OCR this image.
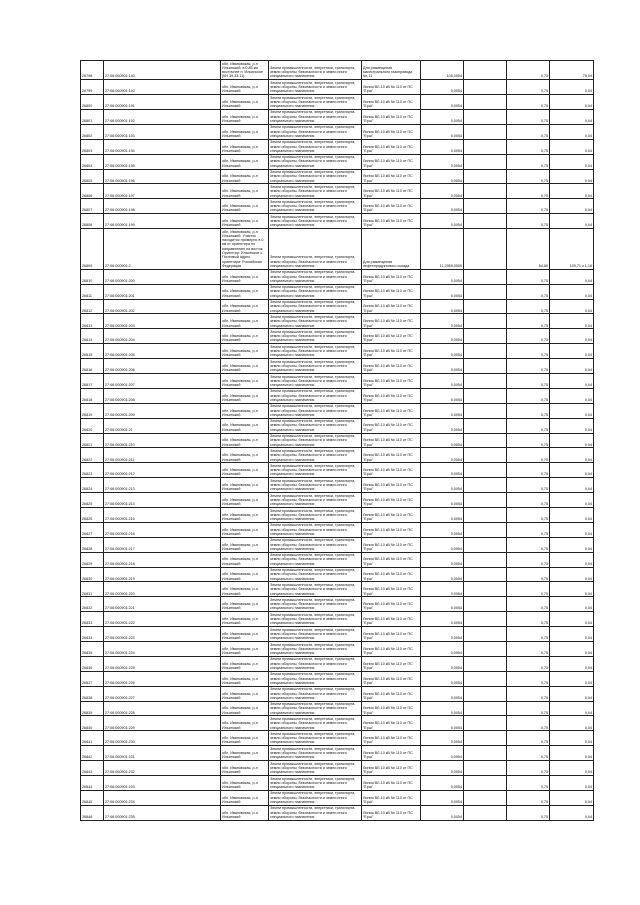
26798	27:06:000901:140	обл. Ивановская, р-н Ильинский, в 0,85 км восточнее п. Ильинское (КН 39,33:11)	Земли промышленности, энергетики, транспорта, земли обороны, безопасности и земли иного специального назначения	Для размещения магистрального газопровода Кл.11	105,0054		0,75	79,04
26799	27:06:000901:140	обл. Ивановская, р-н Ильинский	Земли промышленности, энергетики, транспорта, земли обороны, безопасности и земли иного специального назначения	Линия ВЛ-10 кВ № 110 от ПС "Ерш"	0,0054		0,75	0,04
26800	27:06:000901:191	обл. Ивановская, р-н Ильинский	Земли промышленности, энергетики, транспорта, земли обороны, безопасности и земли иного специального назначения	Линия ВЛ-10 кВ № 110 от ПС "Ерш"	0,0054		0,75	0,04
26801	27:06:000901:192	обл. Ивановская, р-н Ильинский	Земли промышленности, энергетики, транспорта, земли обороны, безопасности и земли иного специального назначения	Линия ВЛ-10 кВ № 110 от ПС "Ерш"	0,0054		0,75	0,04
26802	27:06:000901:193	обл. Ивановская, р-н Ильинский	Земли промышленности, энергетики, транспорта, земли обороны, безопасности и земли иного специального назначения	Линия ВЛ-10 кВ № 110 от ПС "Ерш"	0,0054		0,75	0,04
26803	27:06:000901:194	обл. Ивановская, р-н Ильинский	Земли промышленности, энергетики, транспорта, земли обороны, безопасности и земли иного специального назначения	Линия ВЛ-10 кВ № 110 от ПС "Ерш"	0,0054		0,75	0,04
26804	27:06:000901:195	обл. Ивановская, р-н Ильинский	Земли промышленности, энергетики, транспорта, земли обороны, безопасности и земли иного специального назначения	Линия ВЛ-10 кВ № 110 от ПС "Ерш"	0,0054		0,75	0,04
26805	27:06:000901:196	обл. Ивановская, р-н Ильинский	Земли промышленности, энергетики, транспорта, земли обороны, безопасности и земли иного специального назначения	Линия ВЛ-10 кВ № 110 от ПС "Ерш"	0,0054		0,75	0,04
26806	27:06:000901:197	обл. Ивановская, р-н Ильинский	Земли промышленности, энергетики, транспорта, земли обороны, безопасности и земли иного специального назначения	Линия ВЛ-10 кВ № 110 от ПС "Ерш"	0,0054		0,75	0,04
26807	27:06:000901:198	обл. Ивановская, р-н Ильинский	Земли промышленности, энергетики, транспорта, земли обороны, безопасности и земли иного специального назначения	Линия ВЛ-10 кВ № 110 от ПС "Ерш"	0,0054		0,75	0,04
26808	27:06:000901:199	обл. Ивановская, р-н Ильинский	Земли промышленности, энергетики, транспорта, земли обороны, безопасности и земли иного специального назначения	Линия ВЛ-10 кВ № 110 от ПС "Ерш"	0,0054		0,75	0,04
26809	27:06:000901:2	обл. Ивановская, р-н Ильинский. Участок находится примерно в 0 км от ориентира по направлению на восток. Ориентир: Ильинское с. Почтовый адрес ориентира: Российская Федерация	Земли промышленности, энергетики, транспорта, земли обороны, безопасности и земли иного специального назначения	Для размещения нефтепродуктового склада	11,2959,0000		64,80	109,71 x 1,16
26810	27:06:000901:200	обл. Ивановская, р-н Ильинский	Земли промышленности, энергетики, транспорта, земли обороны, безопасности и земли иного специального назначения	Линия ВЛ-10 кВ № 110 от ПС "Ерш"	0,0054		0,75	0,04
26811	27:06:000901:201	обл. Ивановская, р-н Ильинский	Земли промышленности, энергетики, транспорта, земли обороны, безопасности и земли иного специального назначения	Линия ВЛ-10 кВ № 110 от ПС "Ерш"	0,0054		0,75	0,04
26812	27:06:000901:202	обл. Ивановская, р-н Ильинский	Земли промышленности, энергетики, транспорта, земли обороны, безопасности и земли иного специального назначения	Линия ВЛ-10 кВ № 110 от ПС "Ерш"	0,0054		0,75	0,04
26813	27:06:000901:203	обл. Ивановская, р-н Ильинский	Земли промышленности, энергетики, транспорта, земли обороны, безопасности и земли иного специального назначения	Линия ВЛ-10 кВ № 110 от ПС "Ерш"	0,0054		0,75	0,04
26814	27:06:000901:204	обл. Ивановская, р-н Ильинский	Земли промышленности, энергетики, транспорта, земли обороны, безопасности и земли иного специального назначения	Линия ВЛ-10 кВ № 110 от ПС "Ерш"	0,0054		0,75	0,04
26815	27:06:000901:205	обл. Ивановская, р-н Ильинский	Земли промышленности, энергетики, транспорта, земли обороны, безопасности и земли иного специального назначения	Линия ВЛ-10 кВ № 110 от ПС "Ерш"	0,0054		0,75	0,04
26816	27:06:000901:206	обл. Ивановская, р-н Ильинский	Земли промышленности, энергетики, транспорта, земли обороны, безопасности и земли иного специального назначения	Линия ВЛ-10 кВ № 110 от ПС "Ерш"	0,0054		0,75	0,04
26817	27:06:000901:207	обл. Ивановская, р-н Ильинский	Земли промышленности, энергетики, транспорта, земли обороны, безопасности и земли иного специального назначения	Линия ВЛ-10 кВ № 110 от ПС "Ерш"	0,0054		0,75	0,04
26818	27:06:000901:208	обл. Ивановская, р-н Ильинский	Земли промышленности, энергетики, транспорта, земли обороны, безопасности и земли иного специального назначения	Линия ВЛ-10 кВ № 110 от ПС "Ерш"	0,0054		0,75	0,04
26819	27:06:000901:209	обл. Ивановская, р-н Ильинский	Земли промышленности, энергетики, транспорта, земли обороны, безопасности и земли иного специального назначения	Линия ВЛ-10 кВ № 110 от ПС "Ерш"	0,0054		0,75	0,04
26820	27:06:000901:21	обл. Ивановская, р-н Ильинский	Земли промышленности, энергетики, транспорта, земли обороны, безопасности и земли иного специального назначения	Линия ВЛ-10 кВ № 110 от ПС "Ерш"	0,0054		0,75	0,04
26821	27:06:000901:210	обл. Ивановская, р-н Ильинский	Земли промышленности, энергетики, транспорта, земли обороны, безопасности и земли иного специального назначения	Линия ВЛ-10 кВ № 110 от ПС "Ерш"	0,0054		0,75	0,04
26822	27:06:000901:211	обл. Ивановская, р-н Ильинский	Земли промышленности, энергетики, транспорта, земли обороны, безопасности и земли иного специального назначения	Линия ВЛ-10 кВ № 110 от ПС "Ерш"	0,0054		0,75	0,04
26823	27:06:000901:212	обл. Ивановская, р-н Ильинский	Земли промышленности, энергетики, транспорта, земли обороны, безопасности и земли иного специального назначения	Линия ВЛ-10 кВ № 110 от ПС "Ерш"	0,0054		0,75	0,04
26824	27:06:000901:213	обл. Ивановская, р-н Ильинский	Земли промышленности, энергетики, транспорта, земли обороны, безопасности и земли иного специального назначения	Линия ВЛ-10 кВ № 110 от ПС "Ерш"	0,0054		0,75	0,04
26825	27:06:000901:214	обл. Ивановская, р-н Ильинский	Земли промышленности, энергетики, транспорта, земли обороны, безопасности и земли иного специального назначения	Линия ВЛ-10 кВ № 110 от ПС "Ерш"	0,0054		0,75	0,04
26826	27:06:000901:215	обл. Ивановская, р-н Ильинский	Земли промышленности, энергетики, транспорта, земли обороны, безопасности и земли иного специального назначения	Линия ВЛ-10 кВ № 110 от ПС "Ерш"	0,0054		0,75	0,04
26827	27:06:000901:216	обл. Ивановская, р-н Ильинский	Земли промышленности, энергетики, транспорта, земли обороны, безопасности и земли иного специального назначения	Линия ВЛ-10 кВ № 110 от ПС "Ерш"	0,0054		0,75	0,04
26828	27:06:000901:217	обл. Ивановская, р-н Ильинский	Земли промышленности, энергетики, транспорта, земли обороны, безопасности и земли иного специального назначения	Линия ВЛ-10 кВ № 110 от ПС "Ерш"	0,0054		0,75	0,04
26829	27:06:000901:218	обл. Ивановская, р-н Ильинский	Земли промышленности, энергетики, транспорта, земли обороны, безопасности и земли иного специального назначения	Линия ВЛ-10 кВ № 110 от ПС "Ерш"	0,0054		0,75	0,04
26830	27:06:000901:219	обл. Ивановская, р-н Ильинский	Земли промышленности, энергетики, транспорта, земли обороны, безопасности и земли иного специального назначения	Линия ВЛ-10 кВ № 110 от ПС "Ерш"	0,0054		0,75	0,04
26831	27:06:000901:220	обл. Ивановская, р-н Ильинский	Земли промышленности, энергетики, транспорта, земли обороны, безопасности и земли иного специального назначения	Линия ВЛ-10 кВ № 110 от ПС "Ерш"	0,0054		0,75	0,04
26832	27:06:000901:221	обл. Ивановская, р-н Ильинский	Земли промышленности, энергетики, транспорта, земли обороны, безопасности и земли иного специального назначения	Линия ВЛ-10 кВ № 110 от ПС "Ерш"	0,0054		0,75	0,04
26833	27:06:000901:222	обл. Ивановская, р-н Ильинский	Земли промышленности, энергетики, транспорта, земли обороны, безопасности и земли иного специального назначения	Линия ВЛ-10 кВ № 110 от ПС "Ерш"	0,0054		0,75	0,04
26834	27:06:000901:223	обл. Ивановская, р-н Ильинский	Земли промышленности, энергетики, транспорта, земли обороны, безопасности и земли иного специального назначения	Линия ВЛ-10 кВ № 110 от ПС "Ерш"	0,0054		0,75	0,04
26835	27:06:000901:224	обл. Ивановская, р-н Ильинский	Земли промышленности, энергетики, транспорта, земли обороны, безопасности и земли иного специального назначения	Линия ВЛ-10 кВ № 110 от ПС "Ерш"	0,0054		0,75	0,04
26836	27:06:000901:225	обл. Ивановская, р-н Ильинский	Земли промышленности, энергетики, транспорта, земли обороны, безопасности и земли иного специального назначения	Линия ВЛ-10 кВ № 110 от ПС "Ерш"	0,0054		0,75	0,04
26837	27:06:000901:226	обл. Ивановская, р-н Ильинский	Земли промышленности, энергетики, транспорта, земли обороны, безопасности и земли иного специального назначения	Линия ВЛ-10 кВ № 110 от ПС "Ерш"	0,0054		0,75	0,04
26838	27:06:000901:227	обл. Ивановская, р-н Ильинский	Земли промышленности, энергетики, транспорта, земли обороны, безопасности и земли иного специального назначения	Линия ВЛ-10 кВ № 110 от ПС "Ерш"	0,0054		0,75	0,04
26839	27:06:000901:228	обл. Ивановская, р-н Ильинский	Земли промышленности, энергетики, транспорта, земли обороны, безопасности и земли иного специального назначения	Линия ВЛ-10 кВ № 110 от ПС "Ерш"	0,0054		0,75	0,04
26840	27:06:000901:229	обл. Ивановская, р-н Ильинский	Земли промышленности, энергетики, транспорта, земли обороны, безопасности и земли иного специального назначения	Линия ВЛ-10 кВ № 110 от ПС "Ерш"	0,0054		0,75	0,04
26841	27:06:000901:230	обл. Ивановская, р-н Ильинский	Земли промышленности, энергетики, транспорта, земли обороны, безопасности и земли иного специального назначения	Линия ВЛ-10 кВ № 110 от ПС "Ерш"	0,0054		0,75	0,04
26842	27:06:000901:231	обл. Ивановская, р-н Ильинский	Земли промышленности, энергетики, транспорта, земли обороны, безопасности и земли иного специального назначения	Линия ВЛ-10 кВ № 110 от ПС "Ерш"	0,0054		0,75	0,04
26843	27:06:000901:232	обл. Ивановская, р-н Ильинский	Земли промышленности, энергетики, транспорта, земли обороны, безопасности и земли иного специального назначения	Линия ВЛ-10 кВ № 110 от ПС "Ерш"	0,0054		0,75	0,04
26844	27:06:000901:233	обл. Ивановская, р-н Ильинский	Земли промышленности, энергетики, транспорта, земли обороны, безопасности и земли иного специального назначения	Линия ВЛ-10 кВ № 110 от ПС "Ерш"	0,0054		0,75	0,04
26845	27:06:000901:234	обл. Ивановская, р-н Ильинский	Земли промышленности, энергетики, транспорта, земли обороны, безопасности и земли иного специального назначения	Линия ВЛ-10 кВ № 110 от ПС "Ерш"	0,0054		0,75	0,04
26846	27:06:000901:235	обл. Ивановская, р-н Ильинский	Земли промышленности, энергетики, транспорта, земли обороны, безопасности и земли иного специального назначения	Линия ВЛ-10 кВ № 110 от ПС "Ерш"	0,0054		0,75	0,04
